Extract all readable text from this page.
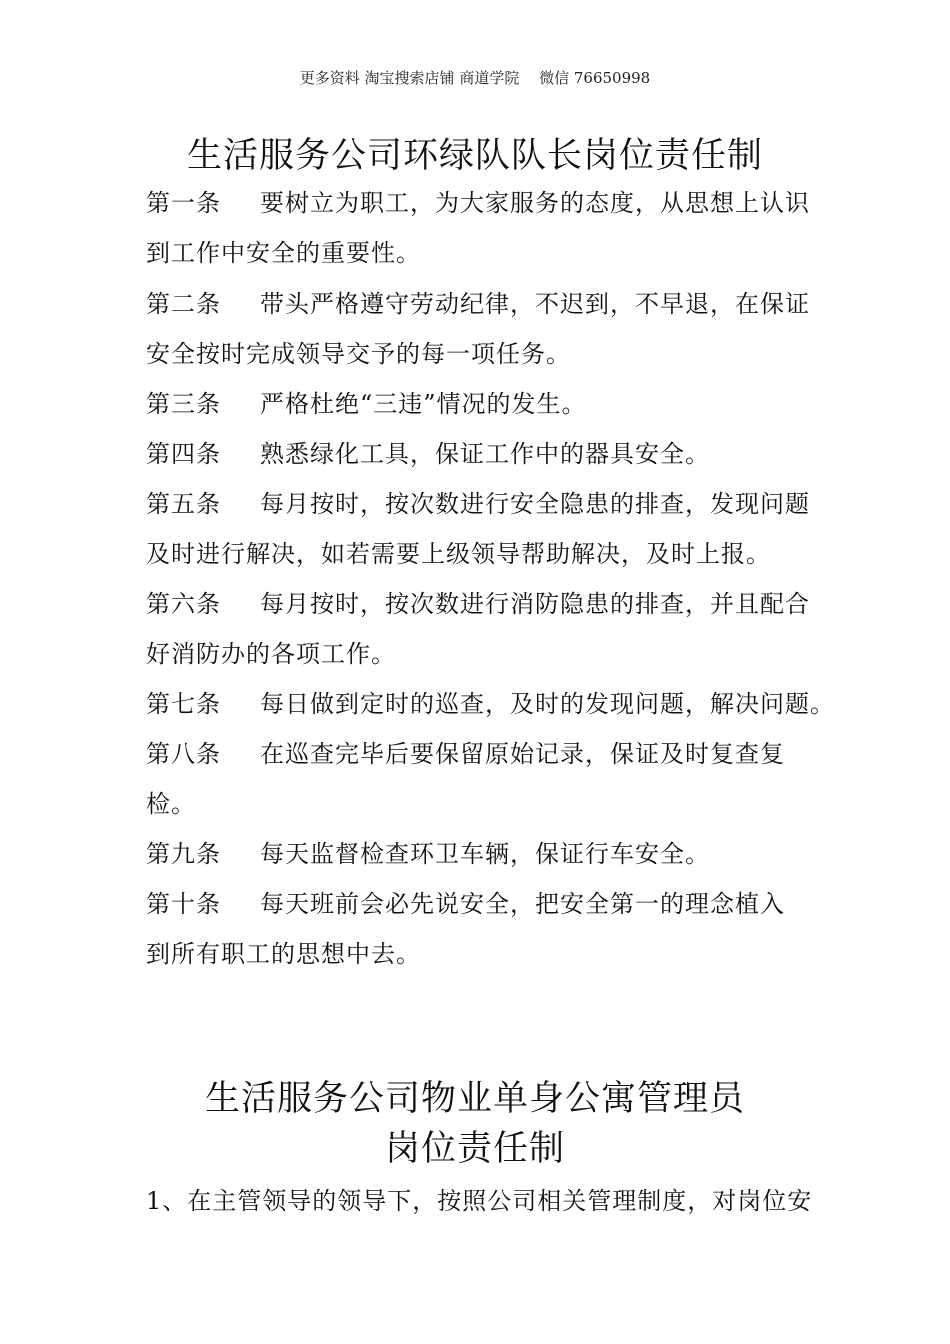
更多资料 淘宝搜索店铺 商道学院　 微信 76650998
生活服务公司环绿队队长岗位责任制
第一条 要树立为职工，为大家服务的态度，从思想上认识
到工作中安全的重要性。
第二条 带头严格遵守劳动纪律，不迟到，不早退，在保证
安全按时完成领导交予的每一项任务。
第三条 严格杜绝“三违”情况的发生。
第四条 熟悉绿化工具，保证工作中的器具安全。
第五条 每月按时，按次数进行安全隐患的排查，发现问题
及时进行解决，如若需要上级领导帮助解决，及时上报。
第六条 每月按时，按次数进行消防隐患的排查，并且配合
好消防办的各项工作。
第七条 每日做到定时的巡查，及时的发现问题，解决问题。
第八条 在巡查完毕后要保留原始记录，保证及时复查复
检。
第九条 每天监督检查环卫车辆，保证行车安全。
第十条 每天班前会必先说安全，把安全第一的理念植入
到所有职工的思想中去。
生活服务公司物业单身公寓管理员
岗位责任制
1、在主管领导的领导下，按照公司相关管理制度，对岗位安
